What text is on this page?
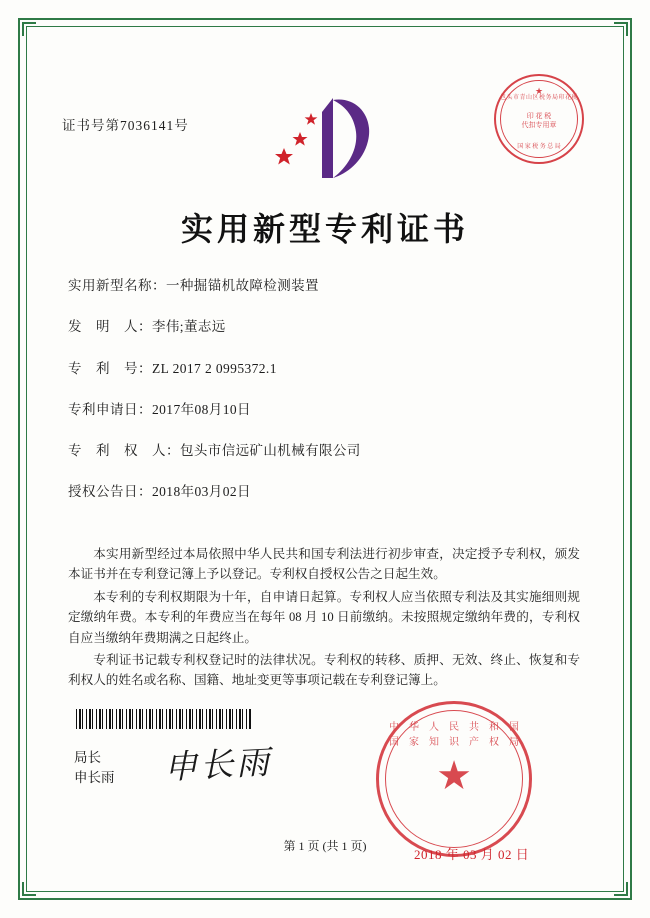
证书号第7036141号
★
包头市青山区税务局印花税
印 花 税
代扣专用章
国 家 税 务 总 局
实用新型专利证书
实用新型名称：一种掘锚机故障检测装置
发　明　人：李伟;董志远
专　利　号：ZL 2017 2 0995372.1
专利申请日：2017年08月10日
专　利　权　人：包头市信远矿山机械有限公司
授权公告日：2018年03月02日

本实用新型经过本局依照中华人民共和国专利法进行初步审查，决定授予专利权，颁发本证书并在专利登记簿上予以登记。专利权自授权公告之日起生效。

本专利的专利权期限为十年，自申请日起算。专利权人应当依照专利法及其实施细则规定缴纳年费。本专利的年费应当在每年 08 月 10 日前缴纳。未按照规定缴纳年费的，专利权自应当缴纳年费期满之日起终止。

专利证书记载专利权登记时的法律状况。专利权的转移、质押、无效、终止、恢复和专利权人的姓名或名称、国籍、地址变更等事项记载在专利登记簿上。

局长
申长雨 申长雨
中华人民共和国国家知识产权局
★
2018 年 03 月 02 日
第 1 页 (共 1 页)
